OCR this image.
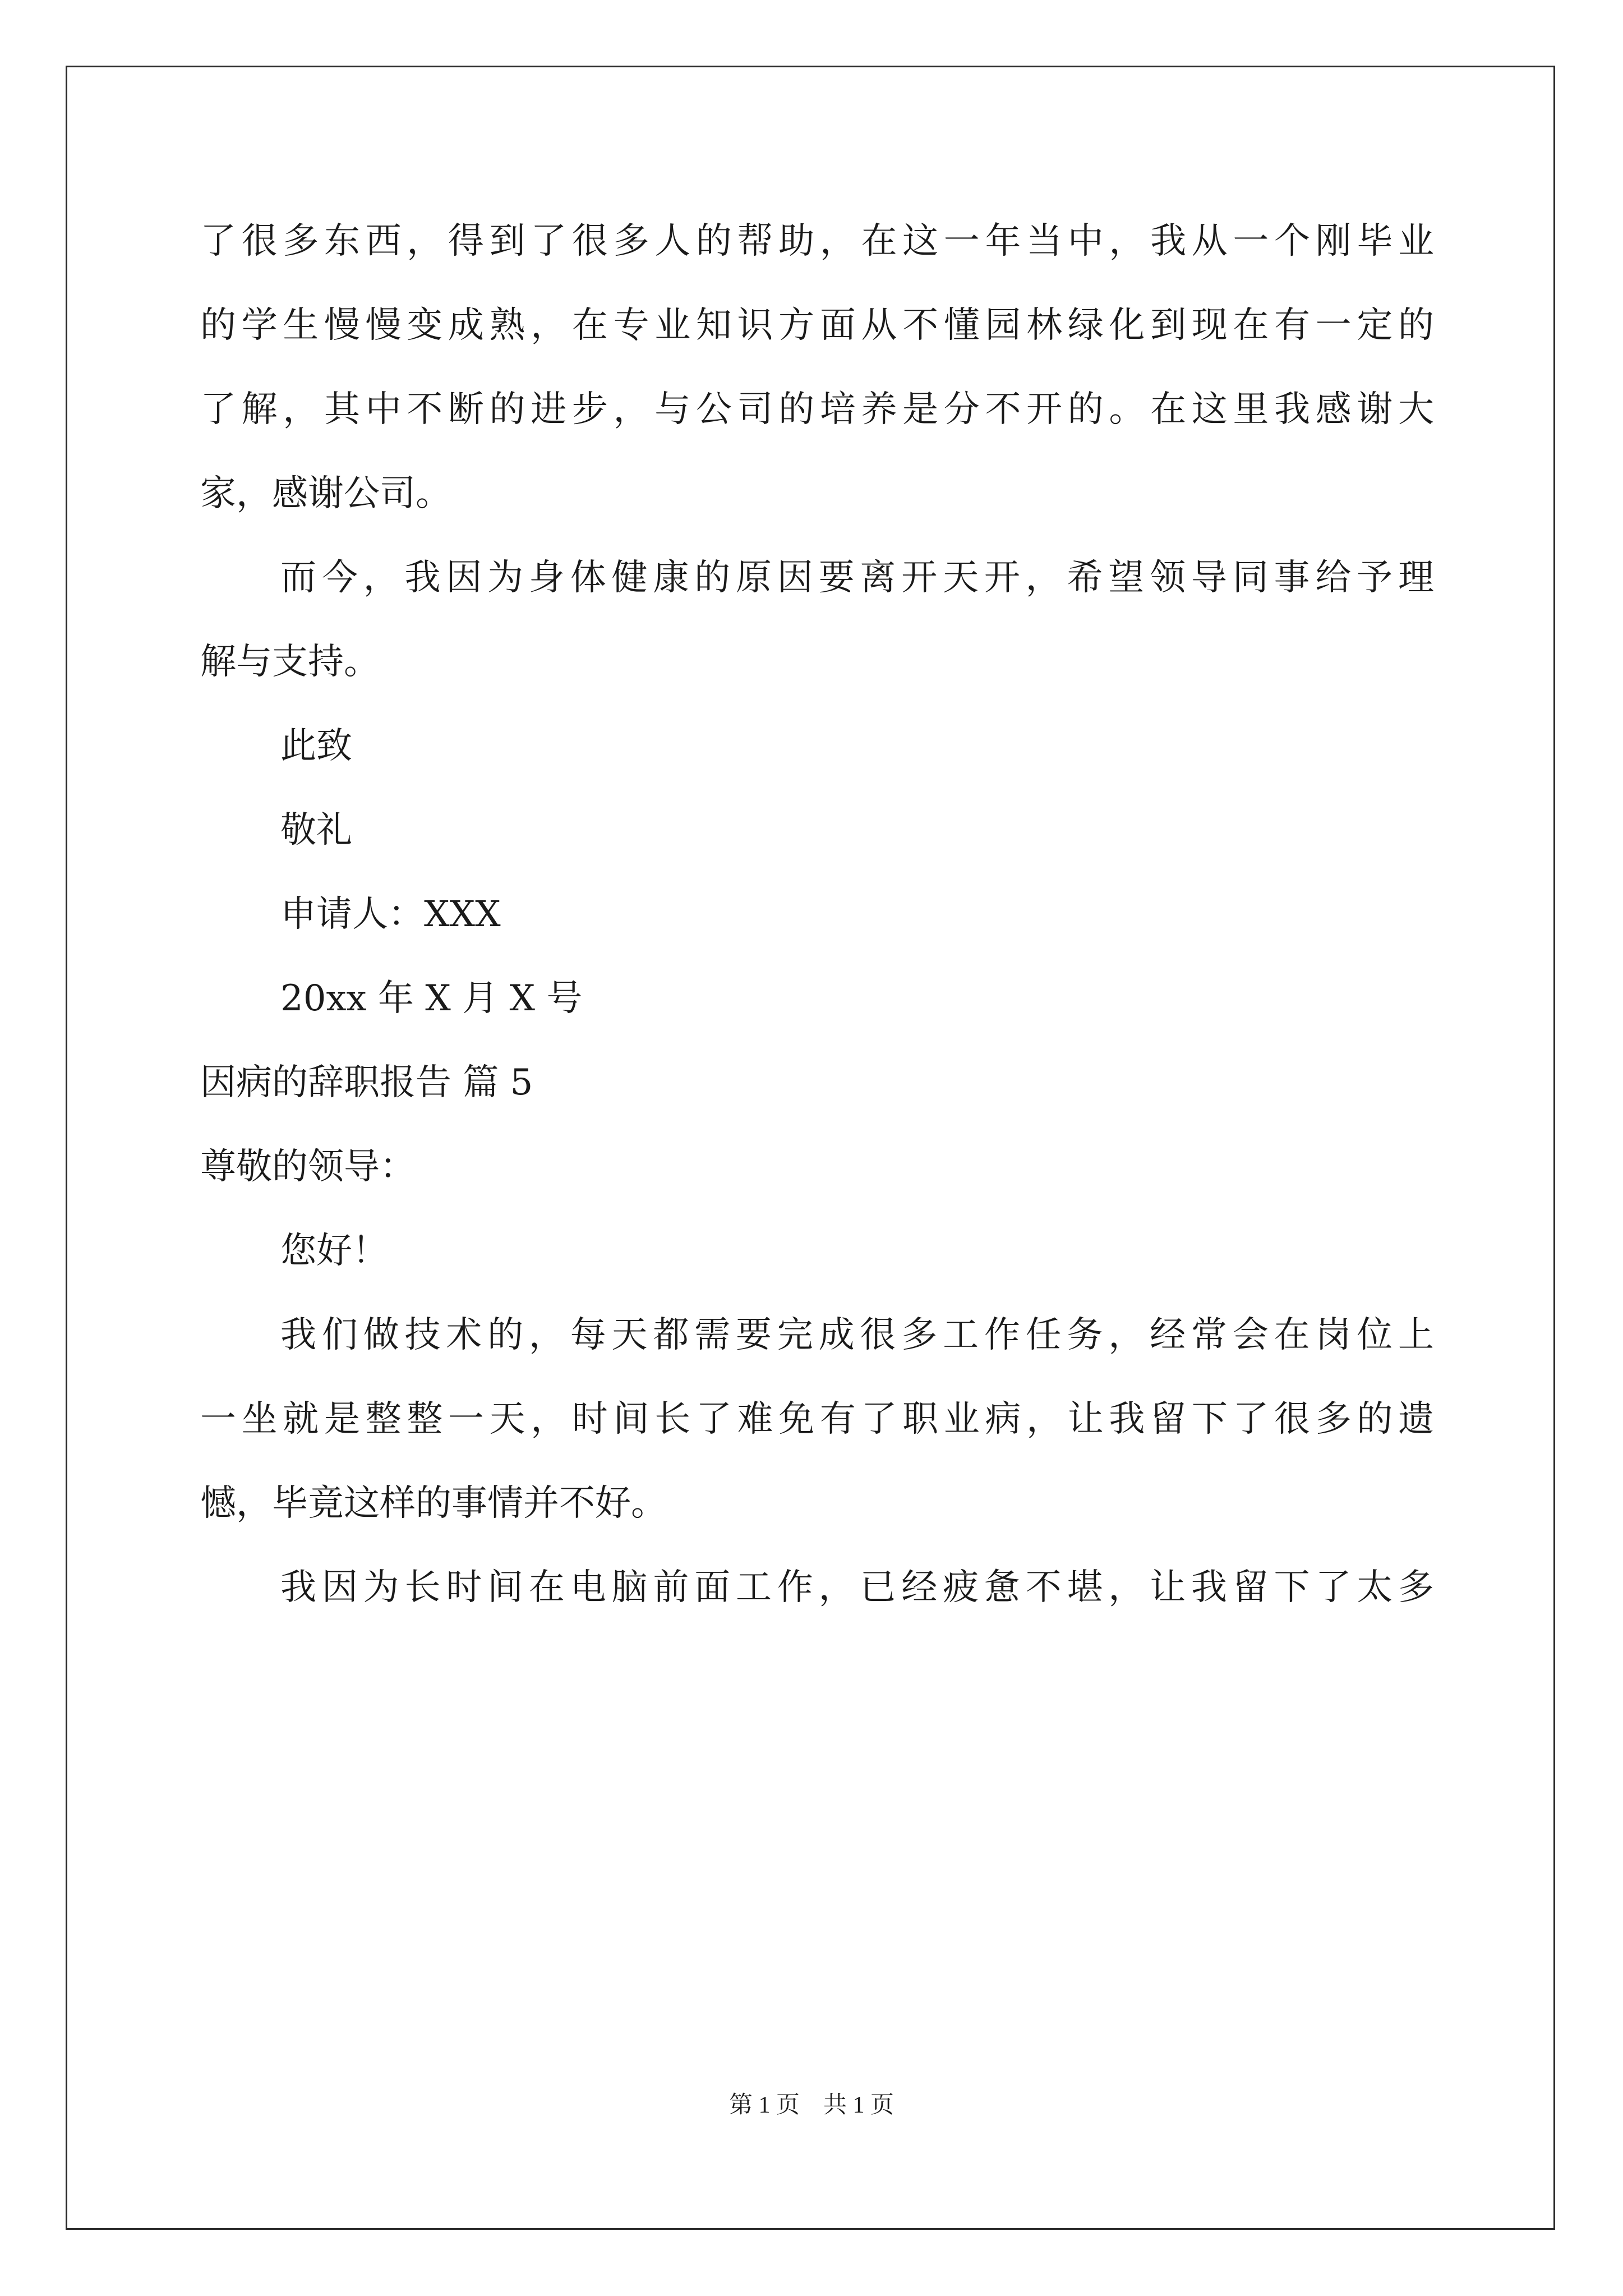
了很多东西，得到了很多人的帮助，在这一年当中，我从一个刚毕业
的学生慢慢变成熟，在专业知识方面从不懂园林绿化到现在有一定的
了解，其中不断的进步，与公司的培养是分不开的。在这里我感谢大
家，感谢公司。
而今，我因为身体健康的原因要离开天开，希望领导同事给予理
解与支持。
此致
敬礼
申请人：XXX
20xx 年 X 月 X 号
因病的辞职报告 篇 5
尊敬的领导：
您好！
我们做技术的，每天都需要完成很多工作任务，经常会在岗位上
一坐就是整整一天，时间长了难免有了职业病，让我留下了很多的遗
憾，毕竟这样的事情并不好。
我因为长时间在电脑前面工作，已经疲惫不堪，让我留下了太多
第 1 页　共 1 页
